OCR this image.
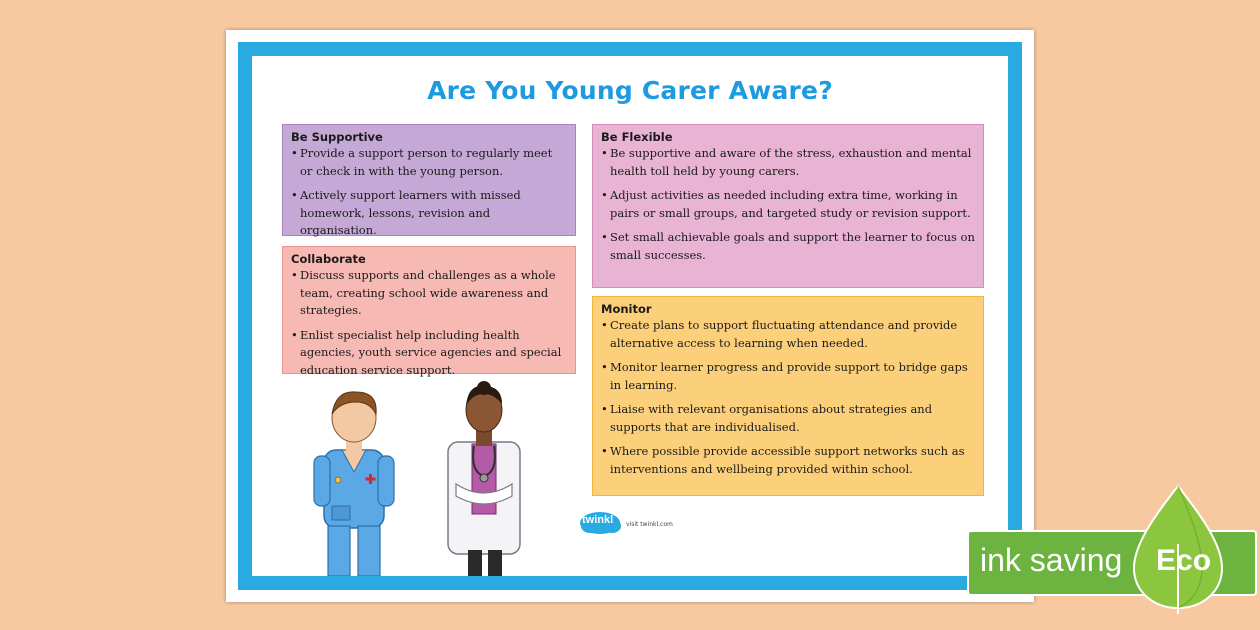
Are You Young Carer Aware?
Be Supportive
• Provide a support person to regularly meet or check in with the young person.
• Actively support learners with missed homework, lessons, revision and organisation.
Collaborate
• Discuss supports and challenges as a whole team, creating school wide awareness and strategies.
• Enlist specialist help including health agencies, youth service agencies and special education service support.
Be Flexible
• Be supportive and aware of the stress, exhaustion and mental health toll held by young carers.
• Adjust activities as needed including extra time, working in pairs or small groups, and targeted study or revision support.
• Set small achievable goals and support the learner to focus on small successes.
Monitor
• Create plans to support fluctuating attendance and provide alternative access to learning when needed.
• Monitor learner progress and provide support to bridge gaps in learning.
• Liaise with relevant organisations about strategies and supports that are individualised.
• Where possible provide accessible support networks such as interventions and wellbeing provided within school.
twinkl visit twinkl.com
ink saving Eco
